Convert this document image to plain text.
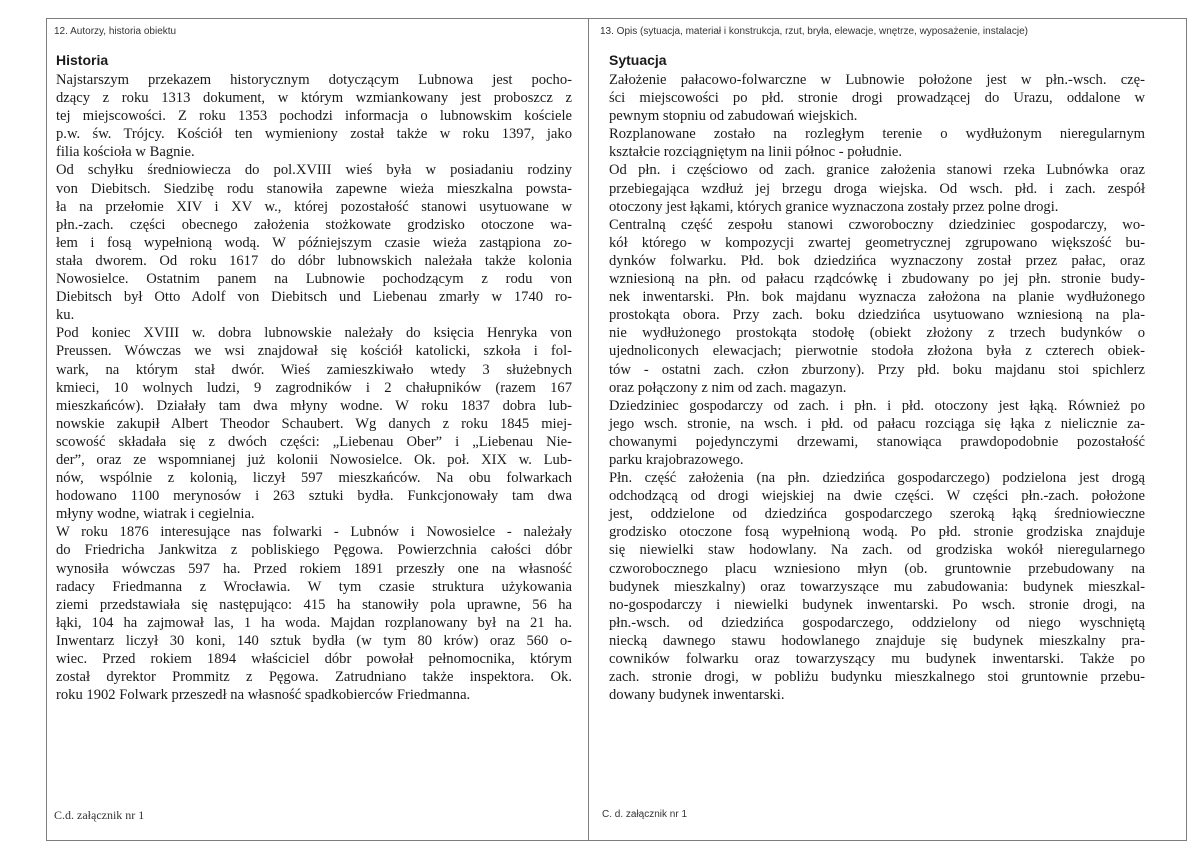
12. Autorzy, historia obiektu	13. Opis (sytuacja, materiał i konstrukcja, rzut, bryła, elewacje, wnętrze, wyposażenie, instalacje)
Historia
Najstarszym przekazem historycznym dotyczącym Lubnowa jest pocho-
dzący z roku 1313 dokument, w którym wzmiankowany jest proboszcz z
tej miejscowości. Z roku 1353 pochodzi informacja o lubnowskim kościele
p.w. św. Trójcy. Kościół ten wymieniony został także w roku 1397, jako
filia kościoła w Bagnie.
Od schyłku średniowiecza do pol.XVIII wieś była w posiadaniu rodziny
von Diebitsch. Siedzibę rodu stanowiła zapewne wieża mieszkalna powsta-
ła na przełomie XIV i XV w., której pozostałość stanowi usytuowane w
płn.-zach. części obecnego założenia stożkowate grodzisko otoczone wa-
łem i fosą wypełnioną wodą. W późniejszym czasie wieża zastąpiona zo-
stała dworem. Od roku 1617 do dóbr lubnowskich należała także kolonia
Nowosielce. Ostatnim panem na Lubnowie pochodzącym z rodu von
Diebitsch był Otto Adolf von Diebitsch und Liebenau zmarły w 1740 ro-
ku.
Pod koniec XVIII w. dobra lubnowskie należały do księcia Henryka von
Preussen. Wówczas we wsi znajdował się kościół katolicki, szkoła i fol-
wark, na którym stał dwór. Wieś zamieszkiwało wtedy 3 służebnych
kmieci, 10 wolnych ludzi, 9 zagrodników i 2 chałupników (razem 167
mieszkańców). Działały tam dwa młyny wodne. W roku 1837 dobra lub-
nowskie zakupił Albert Theodor Schaubert. Wg danych z roku 1845 miej-
scowość składała się z dwóch części: „Liebenau Ober” i „Liebenau Nie-
der”, oraz ze wspomnianej już kolonii Nowosielce. Ok. poł. XIX w. Lub-
nów, wspólnie z kolonią, liczył 597 mieszkańców. Na obu folwarkach
hodowano 1100 merynosów i 263 sztuki bydła. Funkcjonowały tam dwa
młyny wodne, wiatrak i cegielnia.
W roku 1876 interesujące nas folwarki - Lubnów i Nowosielce - należały
do Friedricha Jankwitza z pobliskiego Pęgowa. Powierzchnia całości dóbr
wynosiła wówczas 597 ha. Przed rokiem 1891 przeszły one na własność
radacy Friedmanna z Wrocławia. W tym czasie struktura użykowania
ziemi przedstawiała się następująco: 415 ha stanowiły pola uprawne, 56 ha
łąki, 104 ha zajmował las, 1 ha woda. Majdan rozplanowany był na 21 ha.
Inwentarz liczył 30 koni, 140 sztuk bydła (w tym 80 krów) oraz 560 o-
wiec. Przed rokiem 1894 właściciel dóbr powołał pełnomocnika, którym
został dyrektor Prommitz z Pęgowa. Zatrudniano także inspektora. Ok.
roku 1902 Folwark przeszedł na własność spadkobierców Friedmanna.
Sytuacja
Założenie pałacowo-folwarczne w Lubnowie położone jest w płn.-wsch. czę-
ści miejscowości po płd. stronie drogi prowadzącej do Urazu, oddalone w
pewnym stopniu od zabudowań wiejskich.
Rozplanowane zostało na rozległym terenie o wydłużonym nieregularnym
kształcie rozciągniętym na linii północ - południe.
Od płn. i częściowo od zach. granice założenia stanowi rzeka Lubnówka oraz
przebiegająca wzdłuż jej brzegu droga wiejska. Od wsch. płd. i zach. zespół
otoczony jest łąkami, których granice wyznaczona zostały przez polne drogi.
Centralną część zespołu stanowi czworoboczny dziedziniec gospodarczy, wo-
kół którego w kompozycji zwartej geometrycznej zgrupowano większość bu-
dynków folwarku. Płd. bok dziedzińca wyznaczony został przez pałac, oraz
wzniesioną na płn. od pałacu rządcówkę i zbudowany po jej płn. stronie budy-
nek inwentarski. Płn. bok majdanu wyznacza założona na planie wydłużonego
prostokąta obora. Przy zach. boku dziedzińca usytuowano wzniesioną na pla-
nie wydłużonego prostokąta stodołę (obiekt złożony z trzech budynków o
ujednoliconych elewacjach; pierwotnie stodoła złożona była z czterech obiek-
tów - ostatni zach. człon zburzony). Przy płd. boku majdanu stoi spichlerz
oraz połączony z nim od zach. magazyn.
Dziedziniec gospodarczy od zach. i płn. i płd. otoczony jest łąką. Również po
jego wsch. stronie, na wsch. i płd. od pałacu rozciąga się łąka z nielicznie za-
chowanymi pojedynczymi drzewami, stanowiąca prawdopodobnie pozostałość
parku krajobrazowego.
Płn. część założenia (na płn. dziedzińca gospodarczego) podzielona jest drogą
odchodzącą od drogi wiejskiej na dwie części. W części płn.-zach. położone
jest, oddzielone od dziedzińca gospodarczego szeroką łąką średniowieczne
grodzisko otoczone fosą wypełnioną wodą. Po płd. stronie grodziska znajduje
się niewielki staw hodowlany. Na zach. od grodziska wokół nieregularnego
czworobocznego placu wzniesiono młyn (ob. gruntownie przebudowany na
budynek mieszkalny) oraz towarzyszące mu zabudowania: budynek mieszkal-
no-gospodarczy i niewielki budynek inwentarski. Po wsch. stronie drogi, na
płn.-wsch. od dziedzińca gospodarczego, oddzielony od niego wyschniętą
niecką dawnego stawu hodowlanego znajduje się budynek mieszkalny pra-
cowników folwarku oraz towarzyszący mu budynek inwentarski. Także po
zach. stronie drogi, w pobliżu budynku mieszkalnego stoi gruntownie przebu-
dowany budynek inwentarski.
C.d. załącznik nr 1	C. d. załącznik nr 1
